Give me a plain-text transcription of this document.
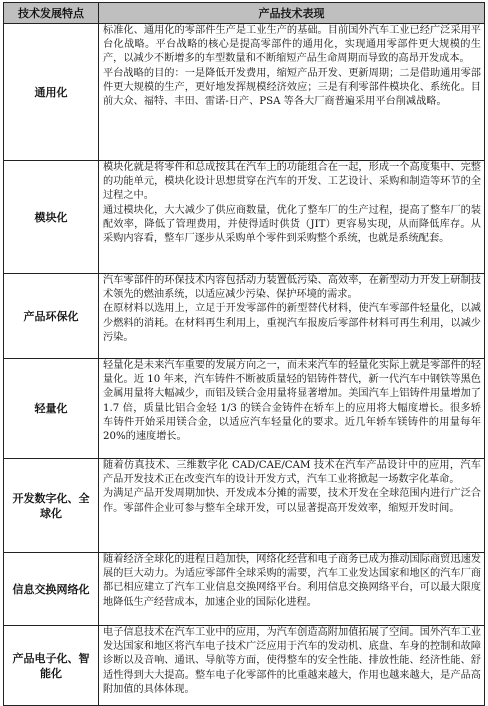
技术发展特点	产品技术表现
通用化	标准化、通用化的零部件生产是工业生产的基础。目前国外汽车工业已经广泛采用平台化战略。平台战略的核心是提高零部件的通用化，实现通用零部件更大规模的生产，以减少不断增多的车型数量和不断缩短产品生命周期而导致的高昂开发成本。

平台战略的目的：一是降低开发费用，缩短产品开发、更新周期；二是借助通用零部件更大规模的生产，更好地发挥规模经济效应；三是有利零部件模块化、系统化。目前大众、福特、丰田、雷诺-日产、PSA 等各大厂商普遍采用平台削减战略。

模块化	模块化就是将零件和总成按其在汽车上的功能组合在一起，形成一个高度集中、完整的功能单元，模块化设计思想贯穿在汽车的开发、工艺设计、采购和制造等环节的全过程之中。

通过模块化，大大减少了供应商数量，优化了整车厂的生产过程，提高了整车厂的装配效率，降低了管理费用，并使得适时供货（JIT）更容易实现，从而降低库存。从采购内容看，整车厂逐步从采购单个零件到采购整个系统，也就是系统配套。

产品环保化	汽车零部件的环保技术内容包括动力装置低污染、高效率，在新型动力开发上研制技术领先的燃油系统，以适应减少污染、保护环境的需求。

在原材料以选用上，立足于开发零部件的新型替代材料，使汽车零部件轻量化，以减少燃料的消耗。在材料再生利用上，重视汽车报废后零部件材料可再生利用，以减少污染。

轻量化	轻量化是未来汽车重要的发展方向之一，而未来汽车的轻量化实际上就是零部件的轻量化。近 10 年来，汽车铸件不断被质量轻的铝铸件替代，新一代汽车中钢铁等黑色金属用量将大幅减少，而铝及镁合金用量将显著增加。美国汽车上铝铸件用量增加了 1.7 倍，质量比铝合金轻 1/3 的镁合金铸件在轿车上的应用将大幅度增长。很多轿车铸件开始采用镁合金，以适应汽车轻量化的要求。近几年轿车镁铸件的用量每年 20%的速度增长。

开发数字化、全球化	随着仿真技术、三维数字化 CAD/CAE/CAM 技术在汽车产品设计中的应用，汽车产品开发技术正在改变汽车的设计开发方式，汽车工业将掀起一场数字化革命。

为满足产品开发周期加快、开发成本分摊的需要，技术开发在全球范围内进行广泛合作。零部件企业可参与整车全球开发，可以显著提高开发效率，缩短开发时间。

信息交换网络化	随着经济全球化的进程日趋加快，网络化经营和电子商务已成为推动国际商贸迅速发展的巨大动力。为适应零部件全球采购的需要，汽车工业发达国家和地区的汽车厂商都已相应建立了汽车工业信息交换网络平台。利用信息交换网络平台，可以最大限度地降低生产经营成本，加速企业的国际化进程。

产品电子化、智能化	电子信息技术在汽车工业中的应用，为汽车创造高附加值拓展了空间。国外汽车工业发达国家和地区将汽车电子技术广泛应用于汽车的发动机、底盘、车身的控制和故障诊断以及音响、通讯、导航等方面，使得整车的安全性能、排放性能、经济性能、舒适性得到大大提高。整车电子化零部件的比重越来越大，作用也越来越大，是产品高附加值的具体体现。
